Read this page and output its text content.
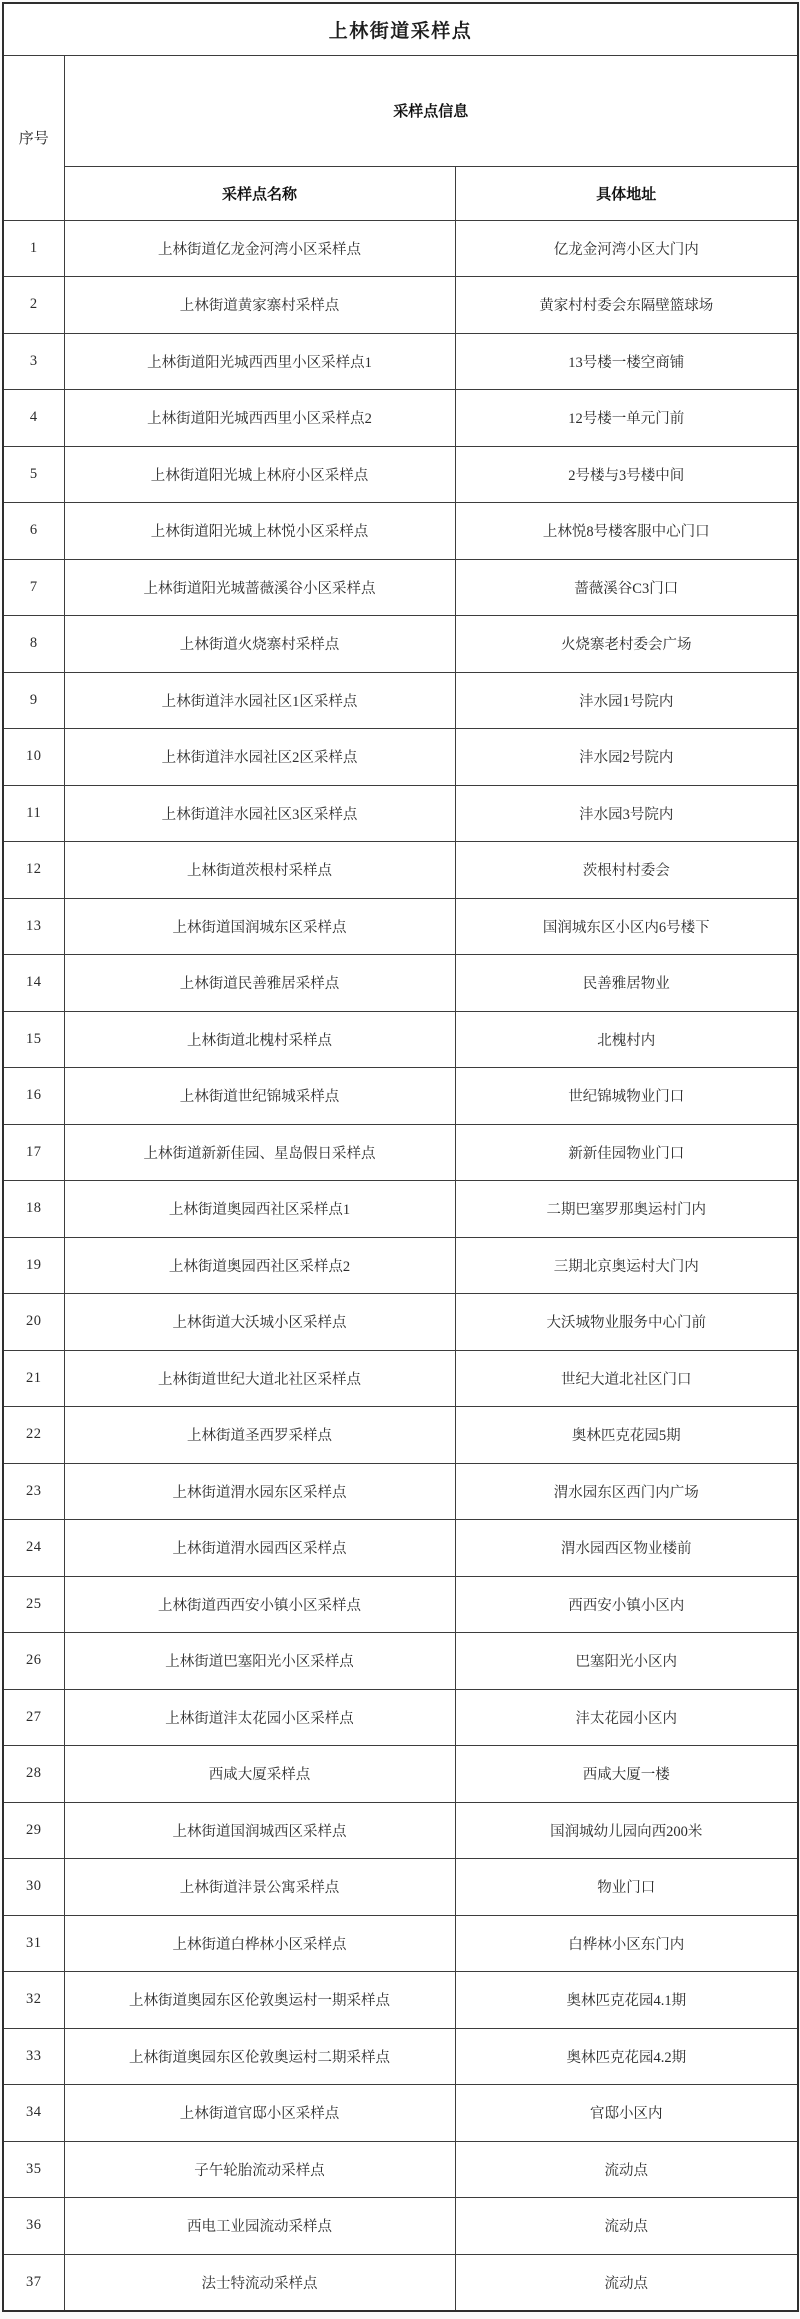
上林街道采样点		
序号	采样点信息	
	采样点名称	具体地址
1	上林街道亿龙金河湾小区采样点	亿龙金河湾小区大门内
2	上林街道黄家寨村采样点	黄家村村委会东隔壁篮球场
3	上林街道阳光城西西里小区采样点1	13号楼一楼空商铺
4	上林街道阳光城西西里小区采样点2	12号楼一单元门前
5	上林街道阳光城上林府小区采样点	2号楼与3号楼中间
6	上林街道阳光城上林悦小区采样点	上林悦8号楼客服中心门口
7	上林街道阳光城蔷薇溪谷小区采样点	蔷薇溪谷C3门口
8	上林街道火烧寨村采样点	火烧寨老村委会广场
9	上林街道沣水园社区1区采样点	沣水园1号院内
10	上林街道沣水园社区2区采样点	沣水园2号院内
11	上林街道沣水园社区3区采样点	沣水园3号院内
12	上林街道茨根村采样点	茨根村村委会
13	上林街道国润城东区采样点	国润城东区小区内6号楼下
14	上林街道民善雅居采样点	民善雅居物业
15	上林街道北槐村采样点	北槐村内
16	上林街道世纪锦城采样点	世纪锦城物业门口
17	上林街道新新佳园、星岛假日采样点	新新佳园物业门口
18	上林街道奥园西社区采样点1	二期巴塞罗那奥运村门内
19	上林街道奥园西社区采样点2	三期北京奥运村大门内
20	上林街道大沃城小区采样点	大沃城物业服务中心门前
21	上林街道世纪大道北社区采样点	世纪大道北社区门口
22	上林街道圣西罗采样点	奥林匹克花园5期
23	上林街道渭水园东区采样点	渭水园东区西门内广场
24	上林街道渭水园西区采样点	渭水园西区物业楼前
25	上林街道西西安小镇小区采样点	西西安小镇小区内
26	上林街道巴塞阳光小区采样点	巴塞阳光小区内
27	上林街道沣太花园小区采样点	沣太花园小区内
28	西咸大厦采样点	西咸大厦一楼
29	上林街道国润城西区采样点	国润城幼儿园向西200米
30	上林街道沣景公寓采样点	物业门口
31	上林街道白桦林小区采样点	白桦林小区东门内
32	上林街道奥园东区伦敦奥运村一期采样点	奥林匹克花园4.1期
33	上林街道奥园东区伦敦奥运村二期采样点	奥林匹克花园4.2期
34	上林街道官邸小区采样点	官邸小区内
35	子午轮胎流动采样点	流动点
36	西电工业园流动采样点	流动点
37	法士特流动采样点	流动点
